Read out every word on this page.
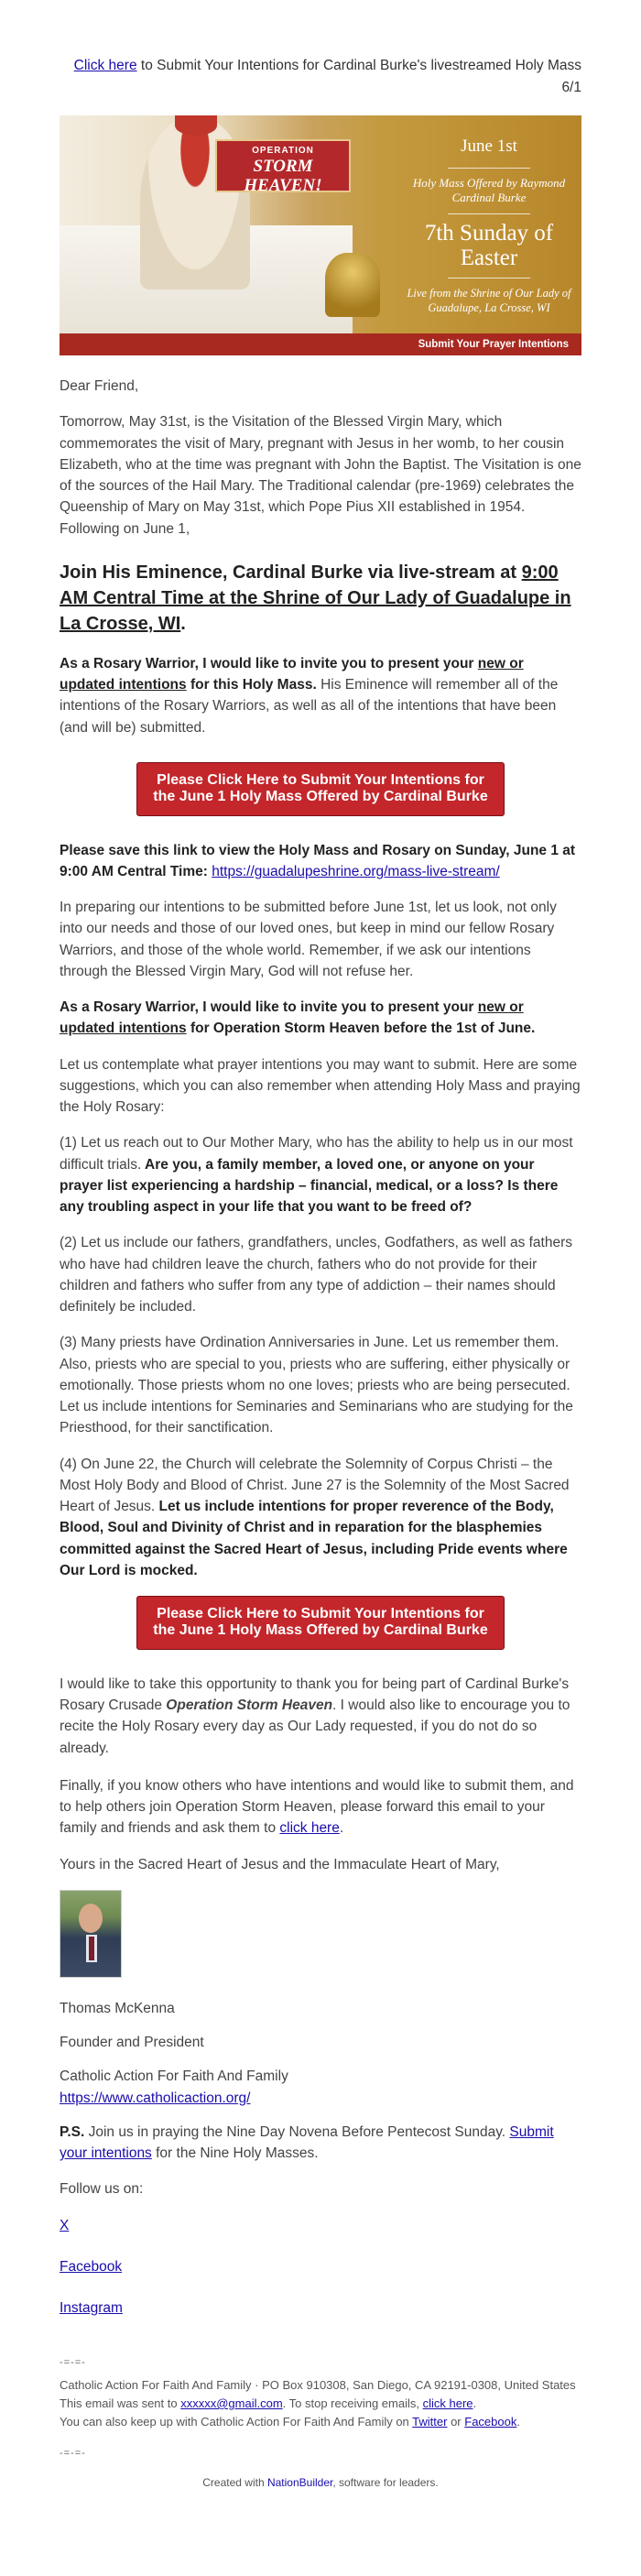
Click here to Submit Your Intentions for Cardinal Burke's livestreamed Holy Mass 6/1
OPERATION
STORM HEAVEN!
June 1st
Holy Mass Offered by Raymond Cardinal Burke
7th Sunday of Easter
Live from the Shrine of Our Lady of Guadalupe, La Crosse, WI
Submit Your Prayer Intentions

Dear Friend,

Tomorrow, May 31st, is the Visitation of the Blessed Virgin Mary, which commemorates the visit of Mary, pregnant with Jesus in her womb, to her cousin Elizabeth, who at the time was pregnant with John the Baptist. The Visitation is one of the sources of the Hail Mary. The Traditional calendar (pre-1969) celebrates the Queenship of Mary on May 31st, which Pope Pius XII established in 1954. Following on June 1,

Join His Eminence, Cardinal Burke via live-stream at 9:00 AM Central Time at the Shrine of Our Lady of Guadalupe in La Crosse, WI.

As a Rosary Warrior, I would like to invite you to present your new or updated intentions for this Holy Mass. His Eminence will remember all of the intentions of the Rosary Warriors, as well as all of the intentions that have been (and will be) submitted.

Please Click Here to Submit Your Intentions for the June 1 Holy Mass Offered by Cardinal Burke

Please save this link to view the Holy Mass and Rosary on Sunday, June 1 at 9:00 AM Central Time: https://guadalupeshrine.org/mass-live-stream/

In preparing our intentions to be submitted before June 1st, let us look, not only into our needs and those of our loved ones, but keep in mind our fellow Rosary Warriors, and those of the whole world. Remember, if we ask our intentions through the Blessed Virgin Mary, God will not refuse her.

As a Rosary Warrior, I would like to invite you to present your new or updated intentions for Operation Storm Heaven before the 1st of June.

Let us contemplate what prayer intentions you may want to submit. Here are some suggestions, which you can also remember when attending Holy Mass and praying the Holy Rosary:

(1) Let us reach out to Our Mother Mary, who has the ability to help us in our most difficult trials. Are you, a family member, a loved one, or anyone on your prayer list experiencing a hardship – financial, medical, or a loss? Is there any troubling aspect in your life that you want to be freed of?

(2) Let us include our fathers, grandfathers, uncles, Godfathers, as well as fathers who have had children leave the church, fathers who do not provide for their children and fathers who suffer from any type of addiction – their names should definitely be included.

(3) Many priests have Ordination Anniversaries in June. Let us remember them. Also, priests who are special to you, priests who are suffering, either physically or emotionally. Those priests whom no one loves; priests who are being persecuted. Let us include intentions for Seminaries and Seminarians who are studying for the Priesthood, for their sanctification.

(4) On June 22, the Church will celebrate the Solemnity of Corpus Christi – the Most Holy Body and Blood of Christ. June 27 is the Solemnity of the Most Sacred Heart of Jesus. Let us include intentions for proper reverence of the Body, Blood, Soul and Divinity of Christ and in reparation for the blasphemies committed against the Sacred Heart of Jesus, including Pride events where Our Lord is mocked.

Please Click Here to Submit Your Intentions for the June 1 Holy Mass Offered by Cardinal Burke

I would like to take this opportunity to thank you for being part of Cardinal Burke's Rosary Crusade Operation Storm Heaven. I would also like to encourage you to recite the Holy Rosary every day as Our Lady requested, if you do not do so already.

Finally, if you know others who have intentions and would like to submit them, and to help others join Operation Storm Heaven, please forward this email to your family and friends and ask them to click here.

Yours in the Sacred Heart of Jesus and the Immaculate Heart of Mary,

Thomas McKenna

Founder and President

Catholic Action For Faith And Family
https://www.catholicaction.org/

P.S. Join us in praying the Nine Day Novena Before Pentecost Sunday. Submit your intentions for the Nine Holy Masses.

Follow us on:

X
Facebook
Instagram
-=-=-
Catholic Action For Faith And Family · PO Box 910308, San Diego, CA 92191-0308, United States
This email was sent to xxxxxx@gmail.com. To stop receiving emails, click here.
You can also keep up with Catholic Action For Faith And Family on Twitter or Facebook.
-=-=-
Created with NationBuilder, software for leaders.
